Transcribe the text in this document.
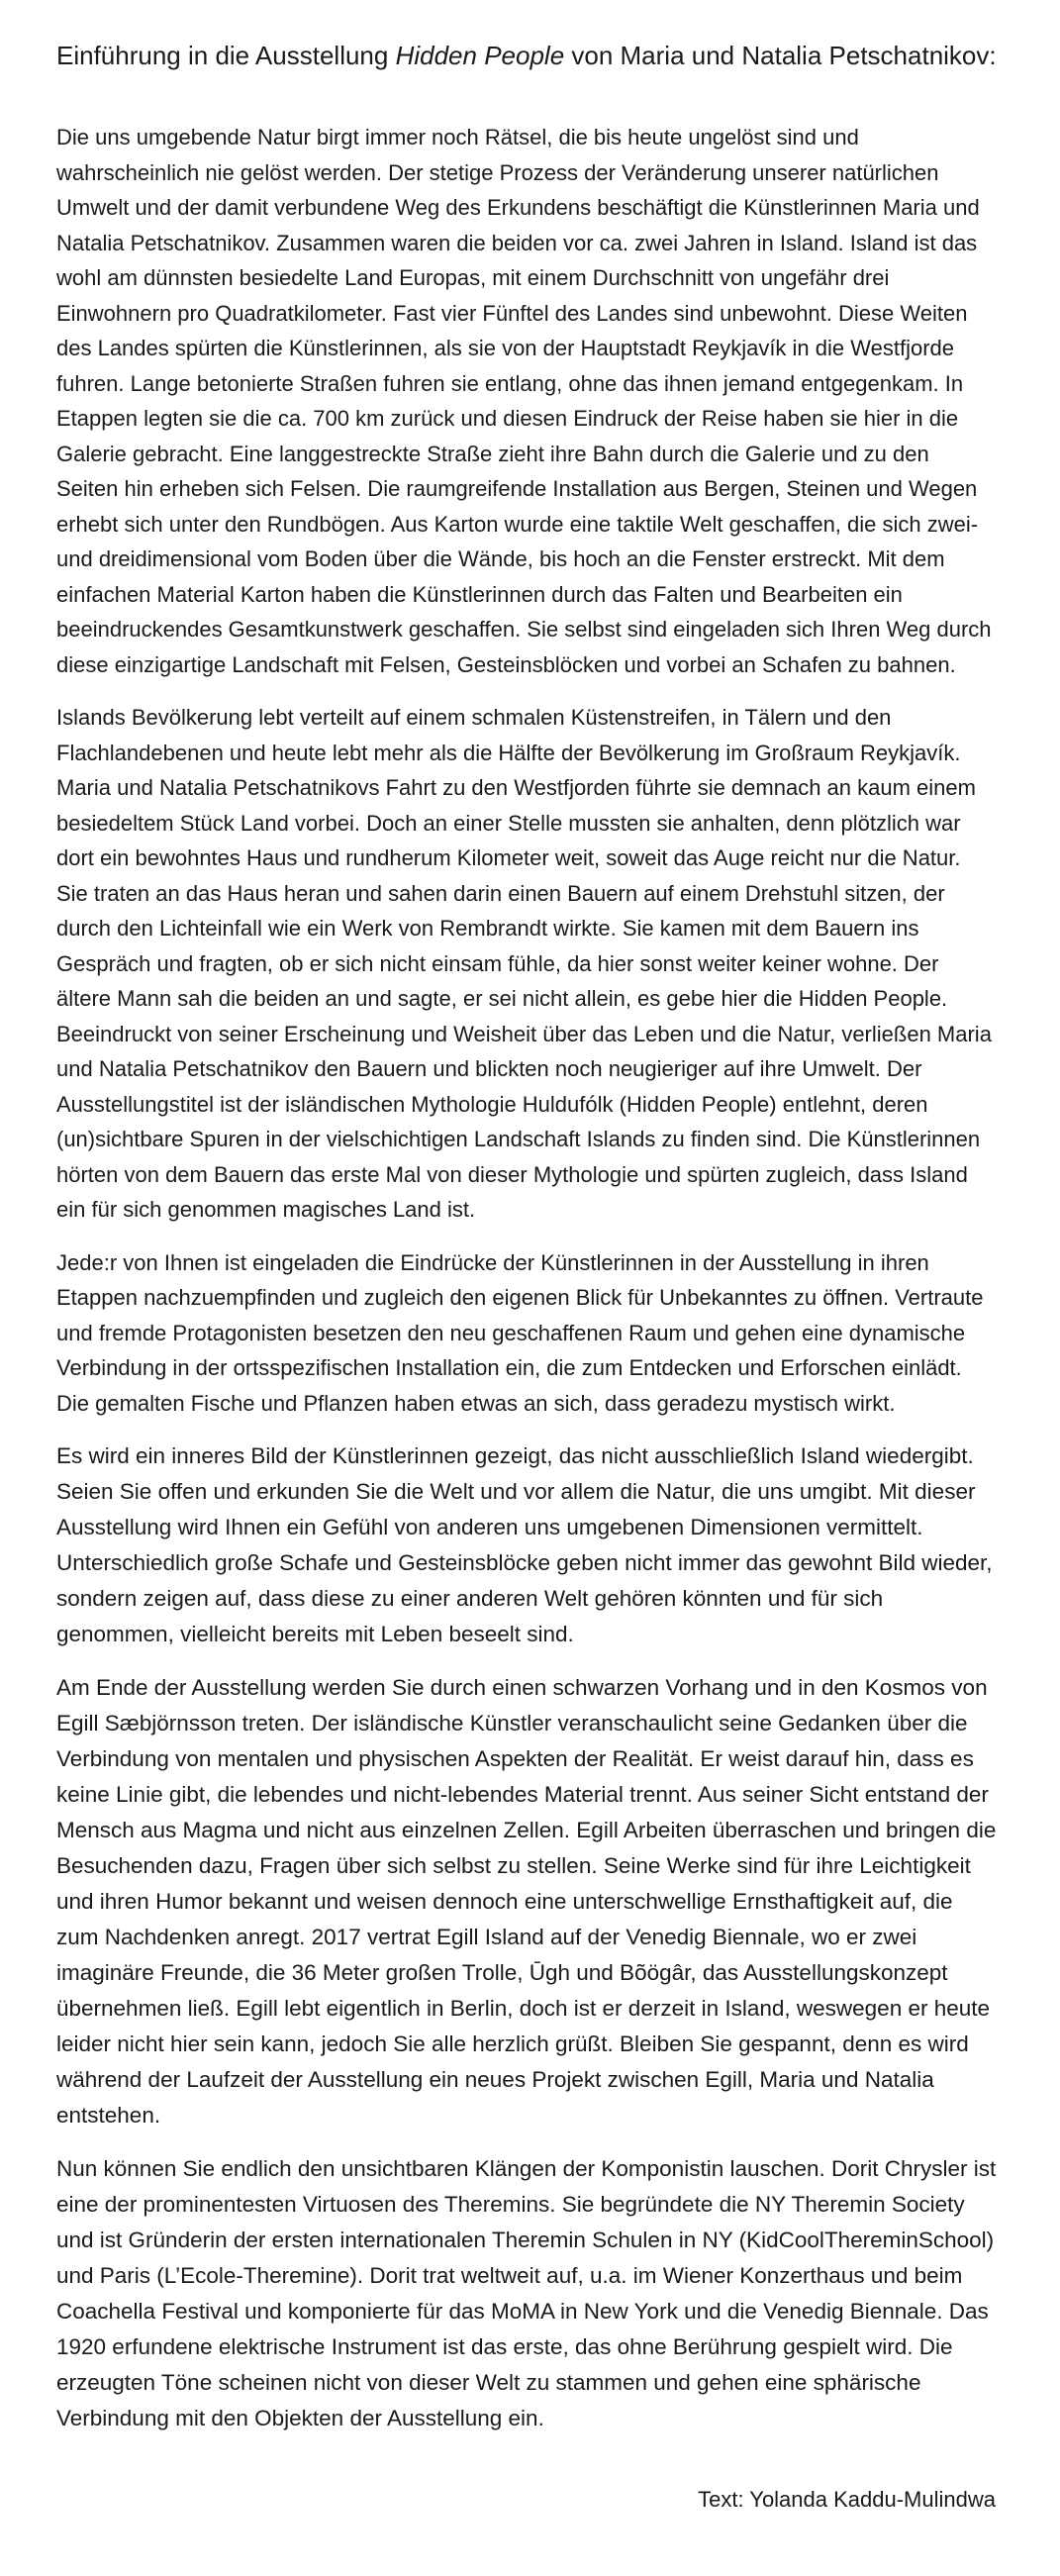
Einführung in die Ausstellung Hidden People von Maria und Natalia Petschatnikov:

Die uns umgebende Natur birgt immer noch Rätsel, die bis heute ungelöst sind und wahrscheinlich nie gelöst werden. Der stetige Prozess der Veränderung unserer natürlichen Umwelt und der damit verbundene Weg des Erkundens beschäftigt die Künstlerinnen Maria und Natalia Petschatnikov. Zusammen waren die beiden vor ca. zwei Jahren in Island. Island ist das wohl am dünnsten besiedelte Land Europas, mit einem Durchschnitt von ungefähr drei Einwohnern pro Quadratkilometer. Fast vier Fünftel des Landes sind unbewohnt. Diese Weiten des Landes spürten die Künstlerinnen, als sie von der Hauptstadt Reykjavík in die Westfjorde fuhren. Lange betonierte Straßen fuhren sie entlang, ohne das ihnen jemand entgegenkam. In Etappen legten sie die ca. 700 km zurück und diesen Eindruck der Reise haben sie hier in die Galerie gebracht. Eine langgestreckte Straße zieht ihre Bahn durch die Galerie und zu den Seiten hin erheben sich Felsen. Die raumgreifende Installation aus Bergen, Steinen und Wegen erhebt sich unter den Rundbögen. Aus Karton wurde eine taktile Welt geschaffen, die sich zwei- und dreidimensional vom Boden über die Wände, bis hoch an die Fenster erstreckt. Mit dem einfachen Material Karton haben die Künstlerinnen durch das Falten und Bearbeiten ein beeindruckendes Gesamtkunstwerk geschaffen. Sie selbst sind eingeladen sich Ihren Weg durch diese einzigartige Landschaft mit Felsen, Gesteinsblöcken und vorbei an Schafen zu bahnen.

Islands Bevölkerung lebt verteilt auf einem schmalen Küstenstreifen, in Tälern und den Flachlandebenen und heute lebt mehr als die Hälfte der Bevölkerung im Großraum Reykjavík. Maria und Natalia Petschatnikovs Fahrt zu den Westfjorden führte sie demnach an kaum einem besiedeltem Stück Land vorbei. Doch an einer Stelle mussten sie anhalten, denn plötzlich war dort ein bewohntes Haus und rundherum Kilometer weit, soweit das Auge reicht nur die Natur. Sie traten an das Haus heran und sahen darin einen Bauern auf einem Drehstuhl sitzen, der durch den Lichteinfall wie ein Werk von Rembrandt wirkte. Sie kamen mit dem Bauern ins Gespräch und fragten, ob er sich nicht einsam fühle, da hier sonst weiter keiner wohne. Der ältere Mann sah die beiden an und sagte, er sei nicht allein, es gebe hier die Hidden People. Beeindruckt von seiner Erscheinung und Weisheit über das Leben und die Natur, verließen Maria und Natalia Petschatnikov den Bauern und blickten noch neugieriger auf ihre Umwelt. Der Ausstellungstitel ist der isländischen Mythologie Huldufólk (Hidden People) entlehnt, deren (un)sichtbare Spuren in der vielschichtigen Landschaft Islands zu finden sind. Die Künstlerinnen hörten von dem Bauern das erste Mal von dieser Mythologie und spürten zugleich, dass Island ein für sich genommen magisches Land ist.

Jede:r von Ihnen ist eingeladen die Eindrücke der Künstlerinnen in der Ausstellung in ihren Etappen nachzuempfinden und zugleich den eigenen Blick für Unbekanntes zu öffnen. Vertraute und fremde Protagonisten besetzen den neu geschaffenen Raum und gehen eine dynamische Verbindung in der ortsspezifischen Installation ein, die zum Entdecken und Erforschen einlädt. Die gemalten Fische und Pflanzen haben etwas an sich, dass geradezu mystisch wirkt.

Es wird ein inneres Bild der Künstlerinnen gezeigt, das nicht ausschließlich Island wiedergibt. Seien Sie offen und erkunden Sie die Welt und vor allem die Natur, die uns umgibt. Mit dieser Ausstellung wird Ihnen ein Gefühl von anderen uns umgebenen Dimensionen vermittelt. Unterschiedlich große Schafe und Gesteinsblöcke geben nicht immer das gewohnt Bild wieder, sondern zeigen auf, dass diese zu einer anderen Welt gehören könnten und für sich genommen, vielleicht bereits mit Leben beseelt sind.

Am Ende der Ausstellung werden Sie durch einen schwarzen Vorhang und in den Kosmos von Egill Sæbjörnsson treten. Der isländische Künstler veranschaulicht seine Gedanken über die Verbindung von mentalen und physischen Aspekten der Realität. Er weist darauf hin, dass es keine Linie gibt, die lebendes und nicht-lebendes Material trennt. Aus seiner Sicht entstand der Mensch aus Magma und nicht aus einzelnen Zellen. Egill Arbeiten überraschen und bringen die Besuchenden dazu, Fragen über sich selbst zu stellen. Seine Werke sind für ihre Leichtigkeit und ihren Humor bekannt und weisen dennoch eine unterschwellige Ernsthaftigkeit auf, die zum Nachdenken anregt. 2017 vertrat Egill Island auf der Venedig Biennale, wo er zwei imaginäre Freunde, die 36 Meter großen Trolle, Ūgh und Bõögâr, das Ausstellungskonzept übernehmen ließ. Egill lebt eigentlich in Berlin, doch ist er derzeit in Island, weswegen er heute leider nicht hier sein kann, jedoch Sie alle herzlich grüßt. Bleiben Sie gespannt, denn es wird während der Laufzeit der Ausstellung ein neues Projekt zwischen Egill, Maria und Natalia entstehen.

Nun können Sie endlich den unsichtbaren Klängen der Komponistin lauschen. Dorit Chrysler ist eine der prominentesten Virtuosen des Theremins. Sie begründete die NY Theremin Society und ist Gründerin der ersten internationalen Theremin Schulen in NY (KidCoolThereminSchool) und Paris (L’Ecole-Theremine). Dorit trat weltweit auf, u.a. im Wiener Konzerthaus und beim Coachella Festival und komponierte für das MoMA in New York und die Venedig Biennale. Das 1920 erfundene elektrische Instrument ist das erste, das ohne Berührung gespielt wird. Die erzeugten Töne scheinen nicht von dieser Welt zu stammen und gehen eine sphärische Verbindung mit den Objekten der Ausstellung ein.

Text: Yolanda Kaddu-Mulindwa
